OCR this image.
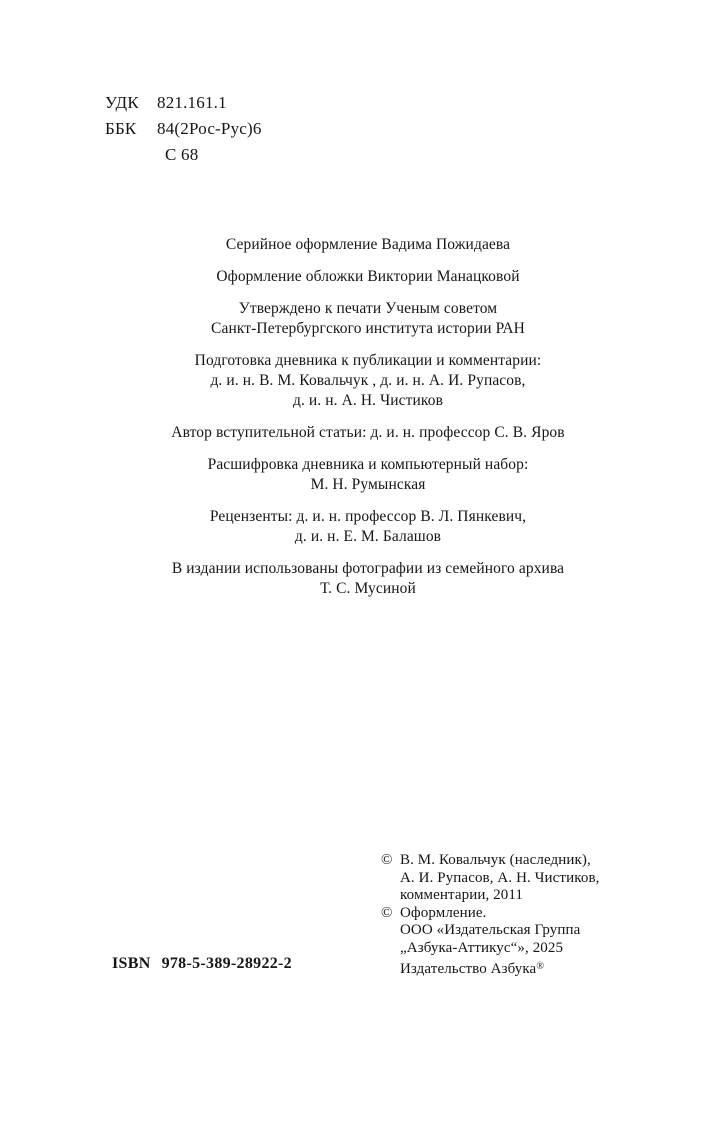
УДК	821.161.1
ББК	84(2Рос-Рус)6
С 68
Серийное оформление Вадима Пожидаева
Оформление обложки Виктории Манацковой
Утверждено к печати Ученым советом
Санкт-Петербургского института истории РАН
Подготовка дневника к публикации и комментарии:
д. и. н. В. М. Ковальчук , д. и. н. А. И. Рупасов,
д. и. н. А. Н. Чистиков
Автор вступительной статьи: д. и. н. профессор С. В. Яров
Расшифровка дневника и компьютерный набор:
М. Н. Румынская
Рецензенты: д. и. н. профессор В. Л. Пянкевич,
д. и. н. Е. М. Балашов
В издании использованы фотографии из семейного архива
Т. С. Мусиной
© В. М. Ковальчук (наследник),
А. И. Рупасов, А. Н. Чистиков,
комментарии, 2011
© Оформление.
ООО «Издательская Группа
„Азбука-Аттикус“», 2025
Издательство Азбука®
ISBN 978-5-389-28922-2
